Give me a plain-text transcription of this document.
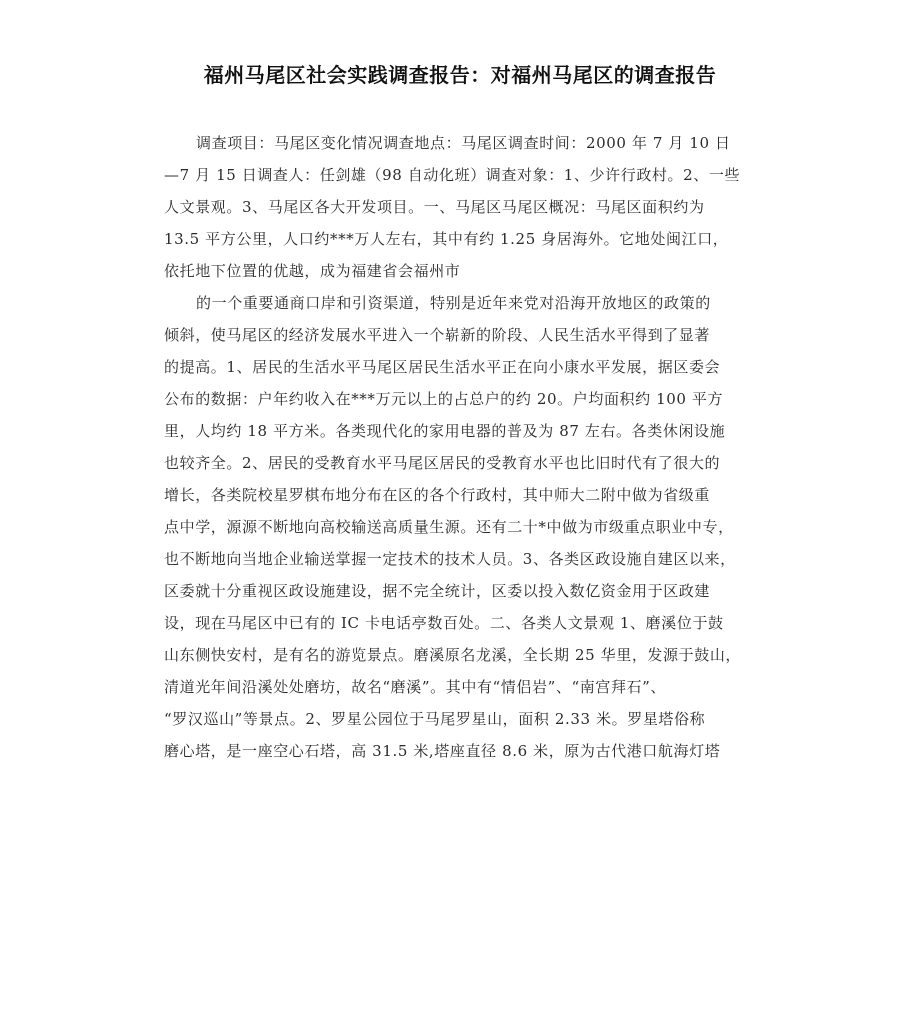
福州马尾区社会实践调查报告：对福州马尾区的调查报告
调查项目：马尾区变化情况调查地点：马尾区调查时间：2000 年 7 月 10 日
—7 月 15 日调查人：任剑雄（98 自动化班）调查对象：1、少许行政村。2、一些
人文景观。3、马尾区各大开发项目。一、马尾区马尾区概况：马尾区面积约为
13.5 平方公里，人口约***万人左右，其中有约 1.25 身居海外。它地处闽江口，
依托地下位置的优越，成为福建省会福州市
的一个重要通商口岸和引资渠道，特别是近年来党对沿海开放地区的政策的
倾斜，使马尾区的经济发展水平进入一个崭新的阶段、人民生活水平得到了显著
的提高。1、居民的生活水平马尾区居民生活水平正在向小康水平发展，据区委会
公布的数据：户年约收入在***万元以上的占总户的约 20。户均面积约 100 平方
里，人均约 18 平方米。各类现代化的家用电器的普及为 87 左右。各类休闲设施
也较齐全。2、居民的受教育水平马尾区居民的受教育水平也比旧时代有了很大的
增长，各类院校星罗棋布地分布在区的各个行政村，其中师大二附中做为省级重
点中学，源源不断地向高校输送高质量生源。还有二十*中做为市级重点职业中专，
也不断地向当地企业输送掌握一定技术的技术人员。3、各类区政设施自建区以来，
区委就十分重视区政设施建设，据不完全统计，区委以投入数亿资金用于区政建
设，现在马尾区中已有的 IC 卡电话亭数百处。二、各类人文景观 1、磨溪位于鼓
山东侧快安村，是有名的游览景点。磨溪原名龙溪，全长期 25 华里，发源于鼓山，
清道光年间沿溪处处磨坊，故名“磨溪”。其中有“情侣岩”、“南宫拜石”、
“罗汉巡山”等景点。2、罗星公园位于马尾罗星山，面积 2.33 米。罗星塔俗称
磨心塔，是一座空心石塔，高 31.5 米,塔座直径 8.6 米，原为古代港口航海灯塔
